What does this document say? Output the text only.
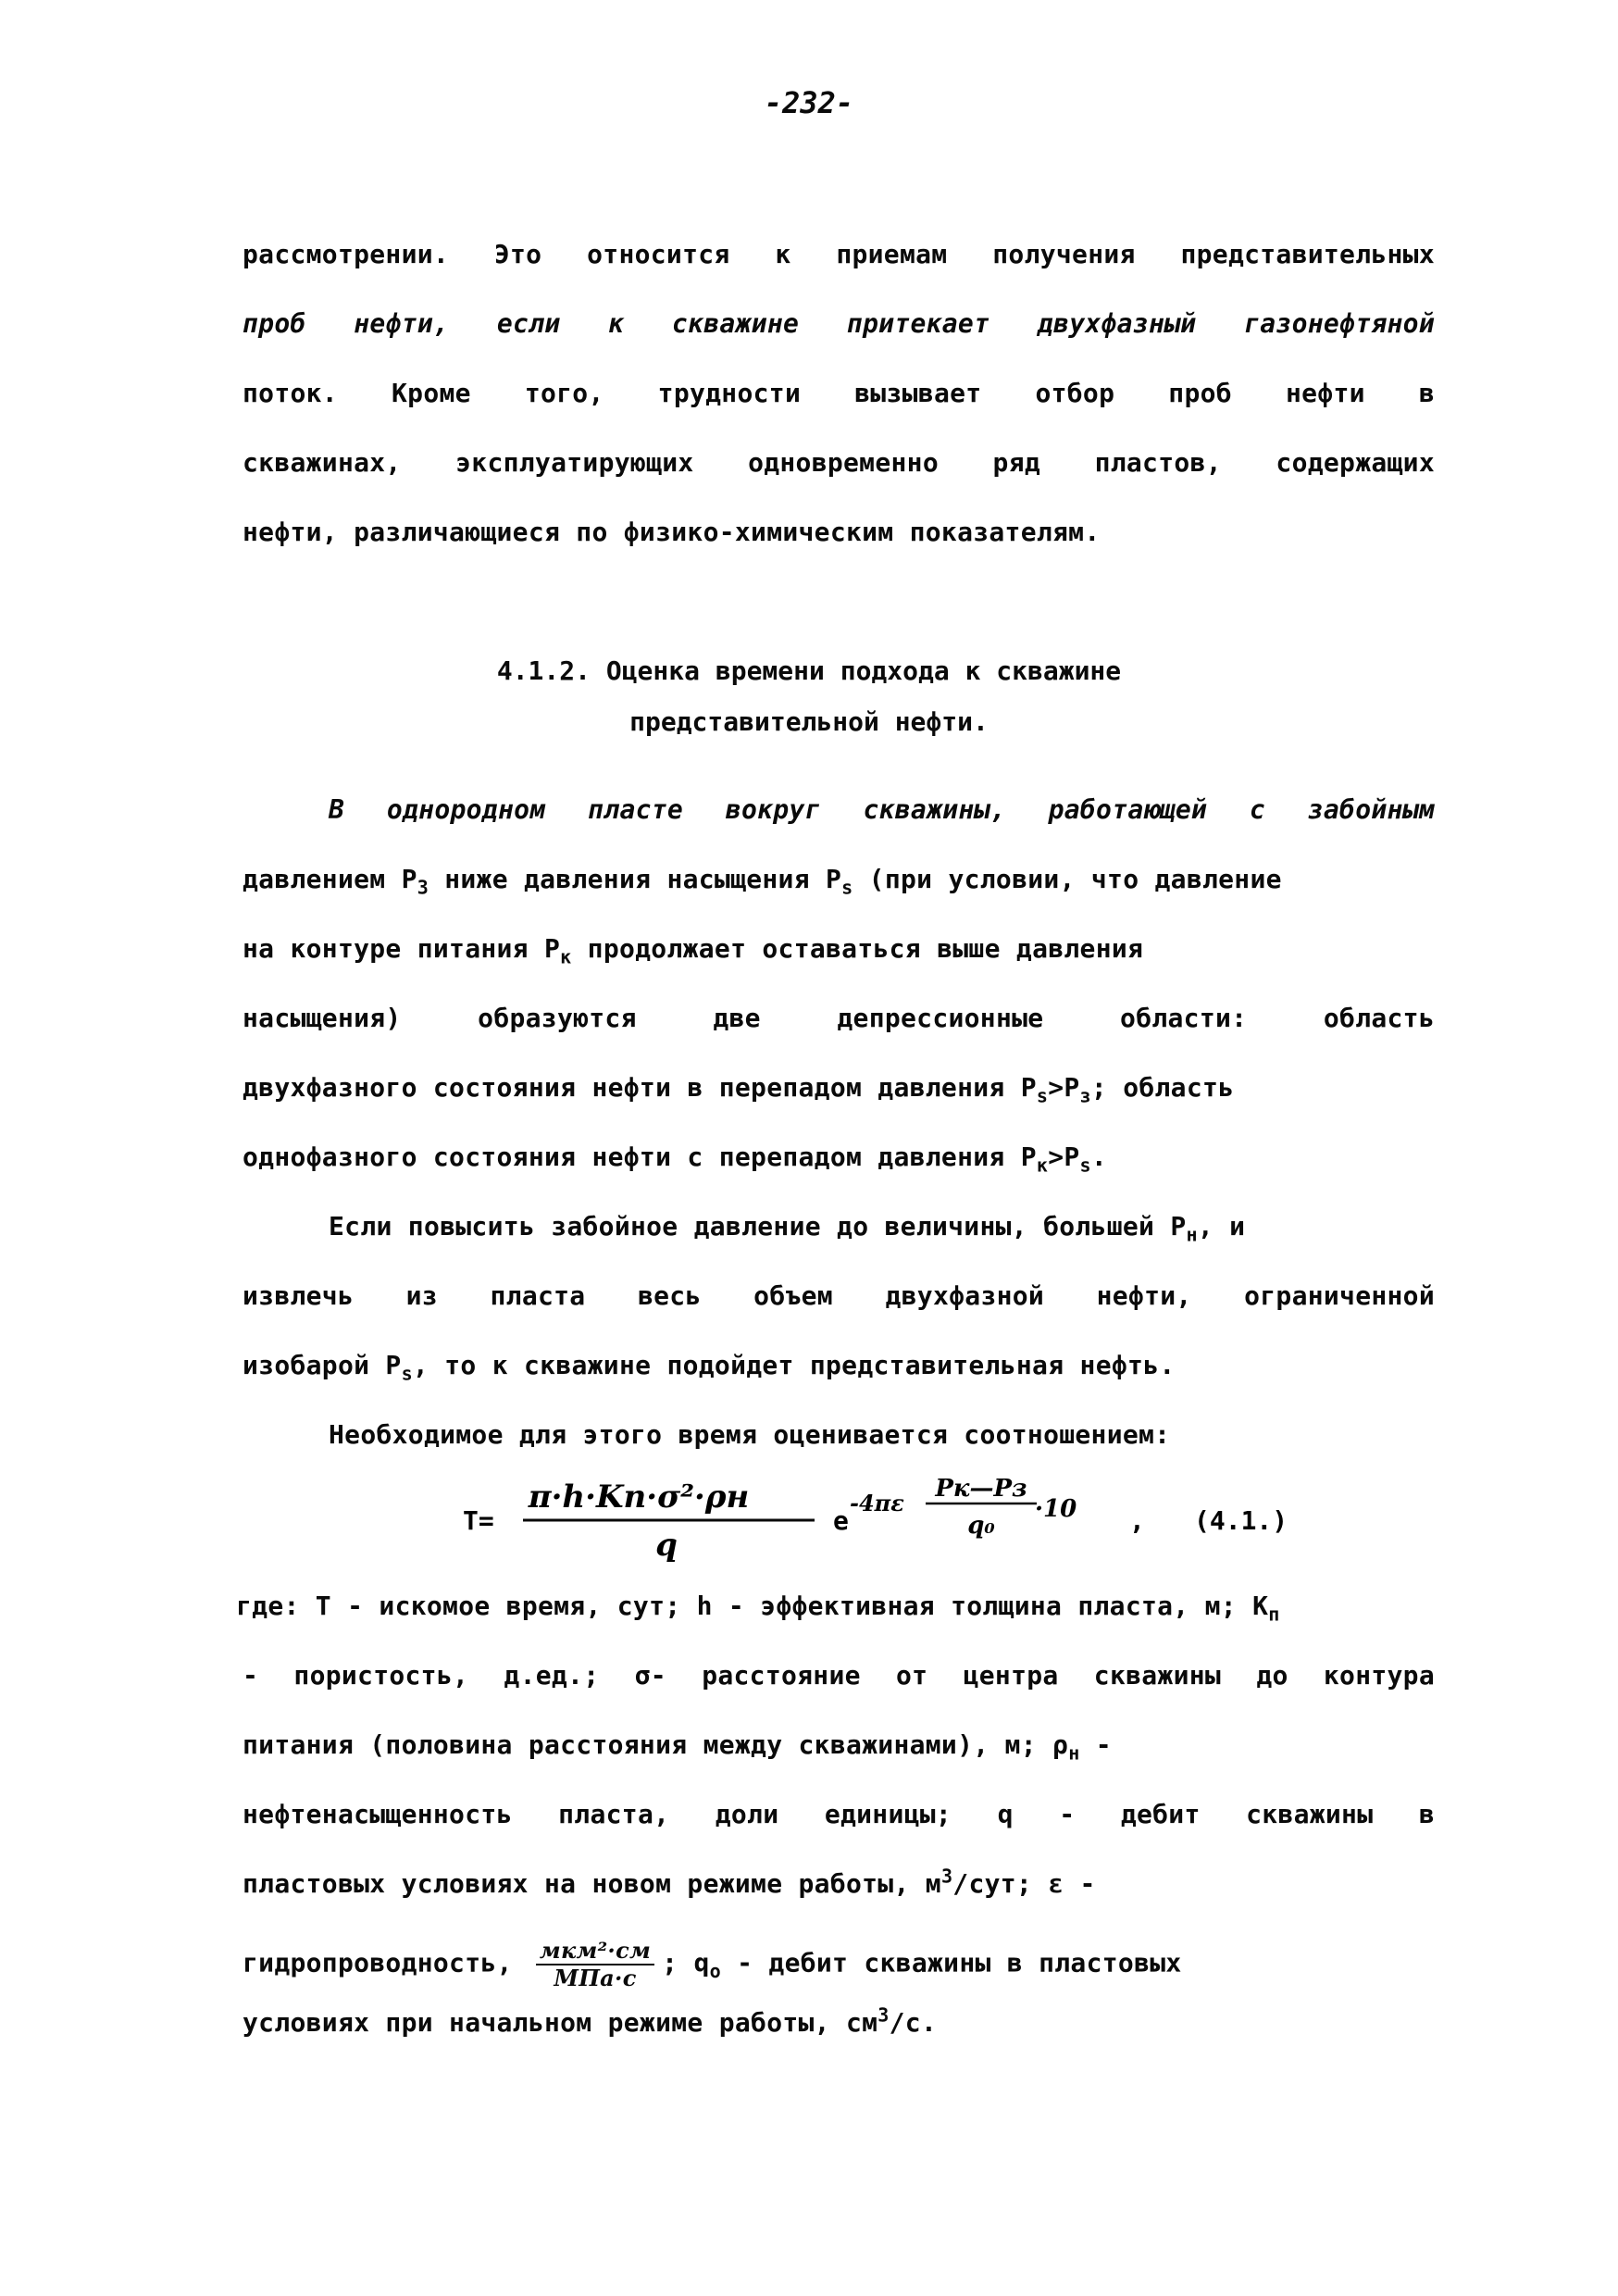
-232-
рассмотрении. Это относится к приемам получения представительных
проб нефти, если к скважине притекает двухфазный газонефтяной
поток. Кроме того, трудности вызывает отбор проб нефти в
скважинах, эксплуатирующих одновременно ряд пластов, содержащих
нефти, различающиеся по физико-химическим показателям.
4.1.2. Оценка времени подхода к скважине
представительной нефти.
В однородном пласте вокруг скважины, работающей с забойным
давлением $Р_З$ ниже давления насыщения $Р_s$ (при условии, что давление
на контуре питания $Р_к$ продолжает оставаться выше давления
насыщения) образуются две депрессионные области: область
двухфазного состояния нефти в перепадом давления $Р_s>Р_з$; область
однофазного состояния нефти с перепадом давления $Р_к>Р_s$.
Если повысить забойное давление до величины, большей $Р_н$, и
извлечь из пласта весь объем двухфазной нефти, ограниченной
изобарой $Р_s$, то к скважине подойдет представительная нефть.
Необходимое для этого время оценивается соотношением:
Т=
π·h·Kп·σ²·ρн
q
e
-4πε
Pк—Pз
q₀
·10 , (4.1.)
где: Т - искомое время, сут; h - эффективная толщина пласта, м; $К_п$
- пористость, д.ед.; σ- расстояние от центра скважины до контура
питания (половина расстояния между скважинами), м; $\rho_н$ -
нефтенасыщенность пласта, доли единицы; q - дебит скважины в
пластовых условиях на новом режиме работы, $м^3$/сут; ε -
гидропроводность, мкм²·см
МПа·с ; $q_о$ - дебит скважины в пластовых
условиях при начальном режиме работы, $см^3/с$.
